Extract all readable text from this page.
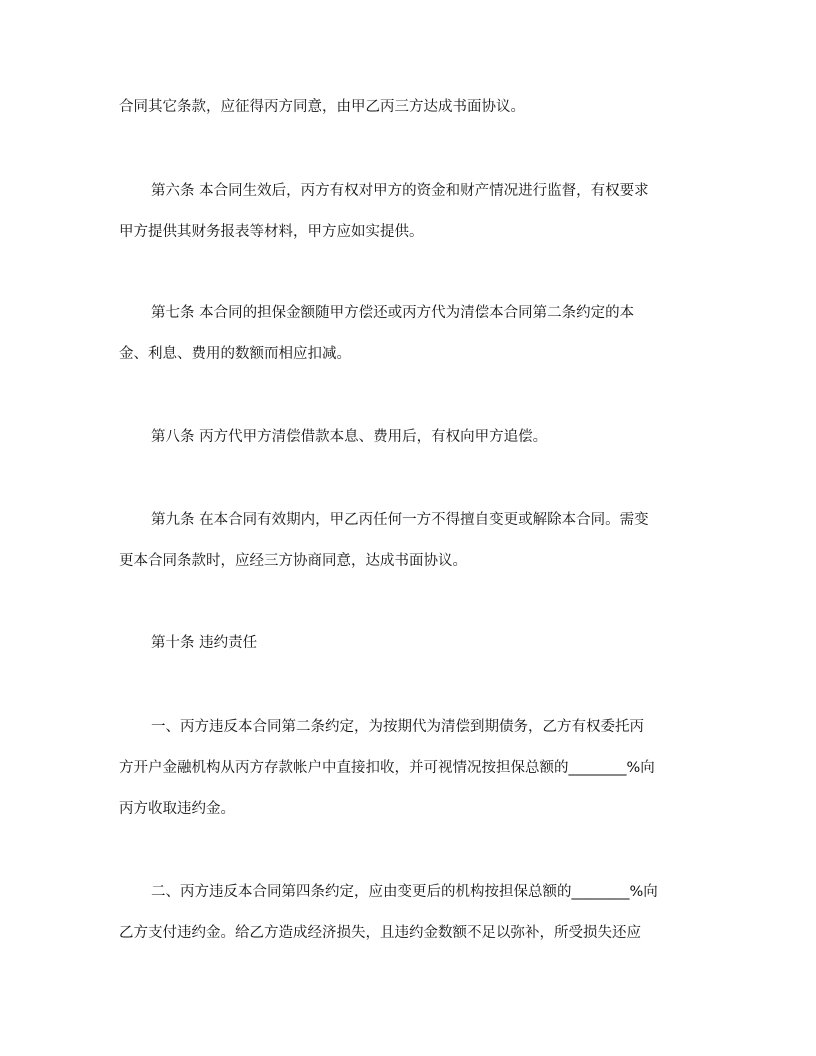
合同其它条款，应征得丙方同意，由甲乙丙三方达成书面协议。
第六条 本合同生效后，丙方有权对甲方的资金和财产情况进行监督，有权要求
甲方提供其财务报表等材料，甲方应如实提供。
第七条 本合同的担保金额随甲方偿还或丙方代为清偿本合同第二条约定的本
金、利息、费用的数额而相应扣减。
第八条 丙方代甲方清偿借款本息、费用后，有权向甲方追偿。
第九条 在本合同有效期内，甲乙丙任何一方不得擅自变更或解除本合同。需变
更本合同条款时，应经三方协商同意，达成书面协议。
第十条 违约责任
一、丙方违反本合同第二条约定，为按期代为清偿到期债务，乙方有权委托丙
方开户金融机构从丙方存款帐户中直接扣收，并可视情况按担保总额的________%向
丙方收取违约金。
二、丙方违反本合同第四条约定，应由变更后的机构按担保总额的________%向
乙方支付违约金。给乙方造成经济损失，且违约金数额不足以弥补，所受损失还应
